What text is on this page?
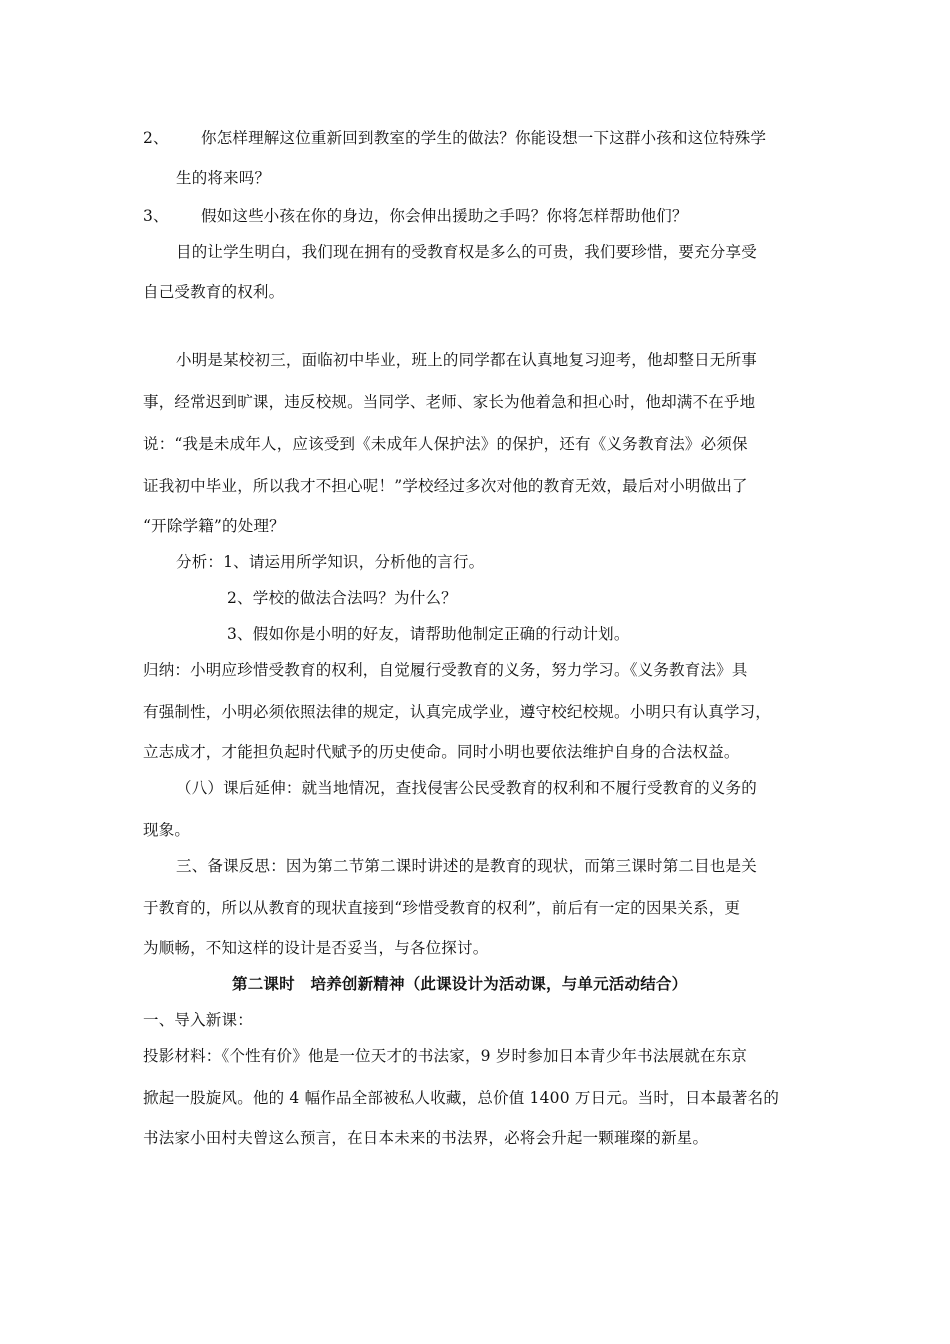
2、 你怎样理解这位重新回到教室的学生的做法？你能设想一下这群小孩和这位特殊学
生的将来吗？
3、 假如这些小孩在你的身边，你会伸出援助之手吗？你将怎样帮助他们？
目的让学生明白，我们现在拥有的受教育权是多么的可贵，我们要珍惜，要充分享受
自己受教育的权利。
小明是某校初三，面临初中毕业，班上的同学都在认真地复习迎考，他却整日无所事
事，经常迟到旷课，违反校规。当同学、老师、家长为他着急和担心时，他却满不在乎地
说：“我是未成年人，应该受到《未成年人保护法》的保护，还有《义务教育法》必须保
证我初中毕业，所以我才不担心呢！”学校经过多次对他的教育无效，最后对小明做出了
“开除学籍”的处理？
分析：1、请运用所学知识，分析他的言行。
2、学校的做法合法吗？为什么？
3、假如你是小明的好友，请帮助他制定正确的行动计划。
归纳：小明应珍惜受教育的权利，自觉履行受教育的义务，努力学习。《义务教育法》具
有强制性，小明必须依照法律的规定，认真完成学业，遵守校纪校规。小明只有认真学习，
立志成才，才能担负起时代赋予的历史使命。同时小明也要依法维护自身的合法权益。
（八）课后延伸：就当地情况，查找侵害公民受教育的权利和不履行受教育的义务的
现象。
三、备课反思：因为第二节第二课时讲述的是教育的现状，而第三课时第二目也是关
于教育的，所以从教育的现状直接到“珍惜受教育的权利”，前后有一定的因果关系，更
为顺畅，不知这样的设计是否妥当，与各位探讨。
第二课时　培养创新精神（此课设计为活动课，与单元活动结合）
一、导入新课：
投影材料：《个性有价》他是一位天才的书法家，9 岁时参加日本青少年书法展就在东京
掀起一股旋风。他的 4 幅作品全部被私人收藏，总价值 1400 万日元。当时，日本最著名的
书法家小田村夫曾这么预言，在日本未来的书法界，必将会升起一颗璀璨的新星。
